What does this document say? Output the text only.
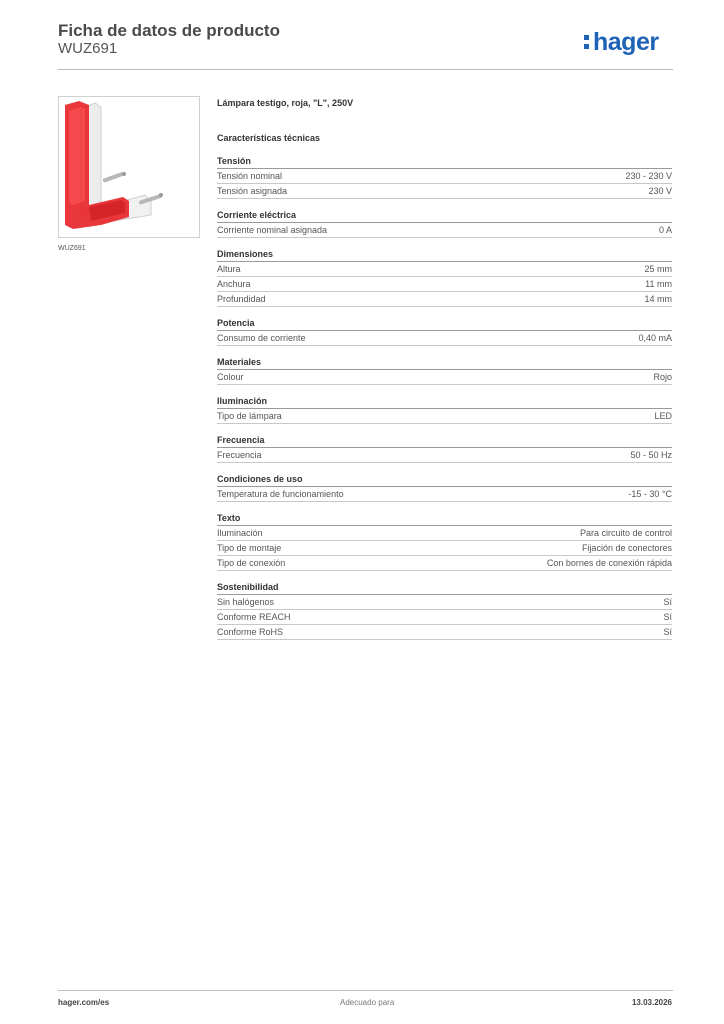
Ficha de datos de producto
WUZ691	hager
WUZ691
Lámpara testigo, roja, "L", 250V
Características técnicas
Tensión
Tensión nominal	230 - 230 V
Tensión asignada	230 V
Corriente eléctrica
Corriente nominal asignada	0 A
Dimensiones
Altura	25 mm
Anchura	11 mm
Profundidad	14 mm
Potencia
Consumo de corriente	0,40 mA
Materiales
Colour	Rojo
Iluminación
Tipo de lámpara	LED
Frecuencia
Frecuencia	50 - 50 Hz
Condiciones de uso
Temperatura de funcionamiento	-15 - 30 °C
Texto
Iluminación	Para circuito de control
Tipo de montaje	Fijación de conectores
Tipo de conexión	Con bornes de conexión rápida
Sostenibilidad
Sin halógenos	Sí
Conforme REACH	Sí
Conforme RoHS	Sí
hager.com/es	Adecuado para	13.03.2026
